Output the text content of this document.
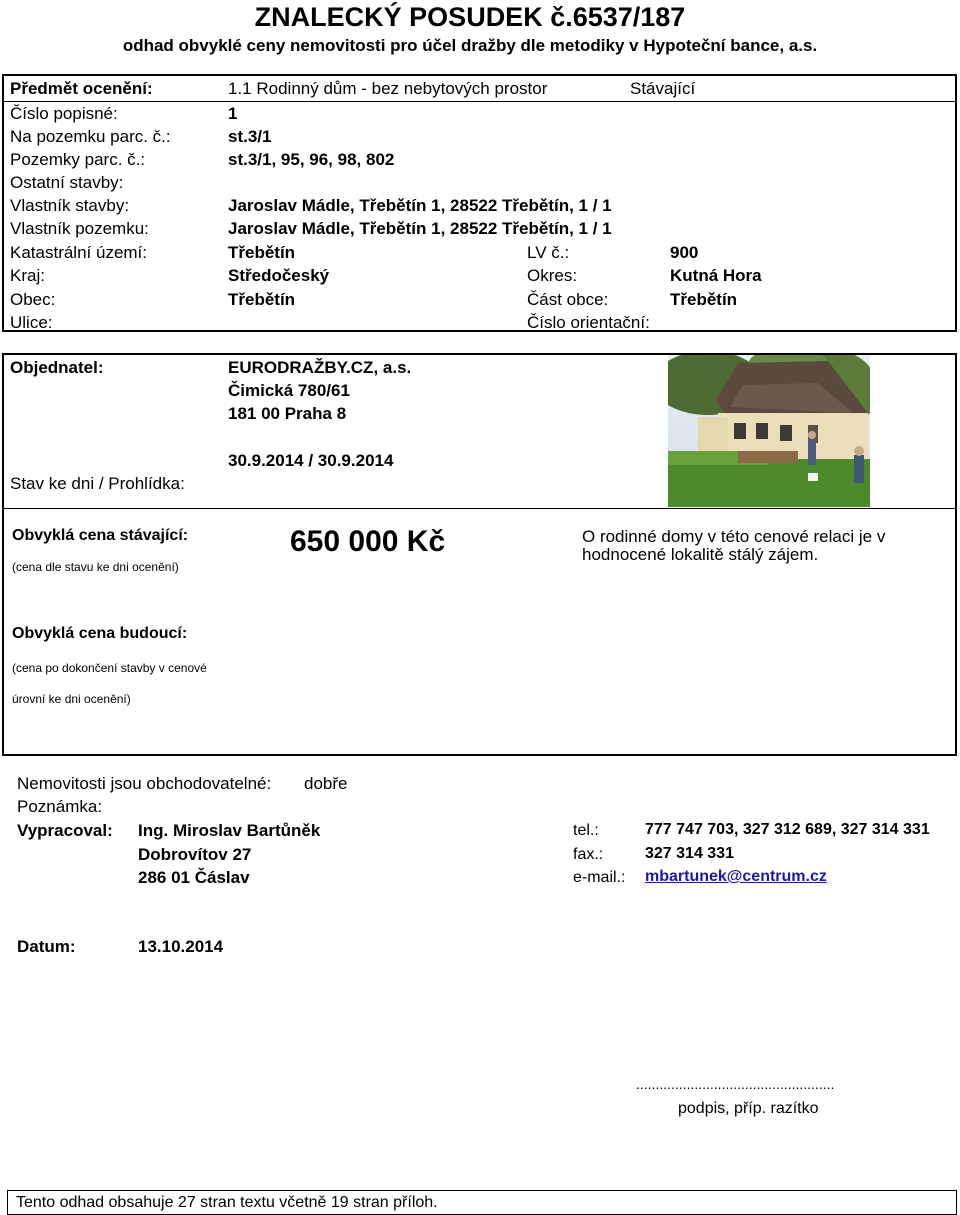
ZNALECKÝ POSUDEK č.6537/187
odhad obvyklé ceny nemovitosti pro účel dražby dle metodiky v Hypoteční bance, a.s.
Předmět ocenění:	1.1 Rodinný dům - bez nebytových prostor	Stávající
Číslo popisné:	1
Na pozemku parc. č.:	st.3/1
Pozemky parc. č.:	st.3/1, 95, 96, 98, 802
Ostatní stavby:
Vlastník stavby:	Jaroslav Mádle, Třebětín 1, 28522 Třebětín, 1 / 1
Vlastník pozemku:	Jaroslav Mádle, Třebětín 1, 28522 Třebětín, 1 / 1
Katastrální území:	Třebětín	LV č.:	900
Kraj:	Středočeský	Okres:	Kutná Hora
Obec:	Třebětín	Část obce:	Třebětín
Ulice:	Číslo orientační:
Objednatel:	EURODRAŽBY.CZ, a.s.
Čimická 780/61
181 00 Praha 8
30.9.2014 / 30.9.2014
Stav ke dni / Prohlídka:
Obvyklá cena stávající:
(cena dle stavu ke dni ocenění)
650 000 Kč	O rodinné domy v této cenové relaci je v
hodnocené lokalitě stálý zájem.
Obvyklá cena budoucí:
(cena po dokončení stavby v cenové
úrovní ke dni ocenění)
Nemovitosti jsou obchodovatelné: dobře
Poznámka:
Vypracoval: Ing. Miroslav Bartůněk
Dobrovítov 27
286 01 Čáslav
tel.:	777 747 703, 327 312 689, 327 314 331
fax.:	327 314 331
e-mail.: mbartunek@centrum.cz
Datum:	13.10.2014
...................................................
podpis, příp. razítko
Tento odhad obsahuje 27 stran textu včetně 19 stran příloh.
